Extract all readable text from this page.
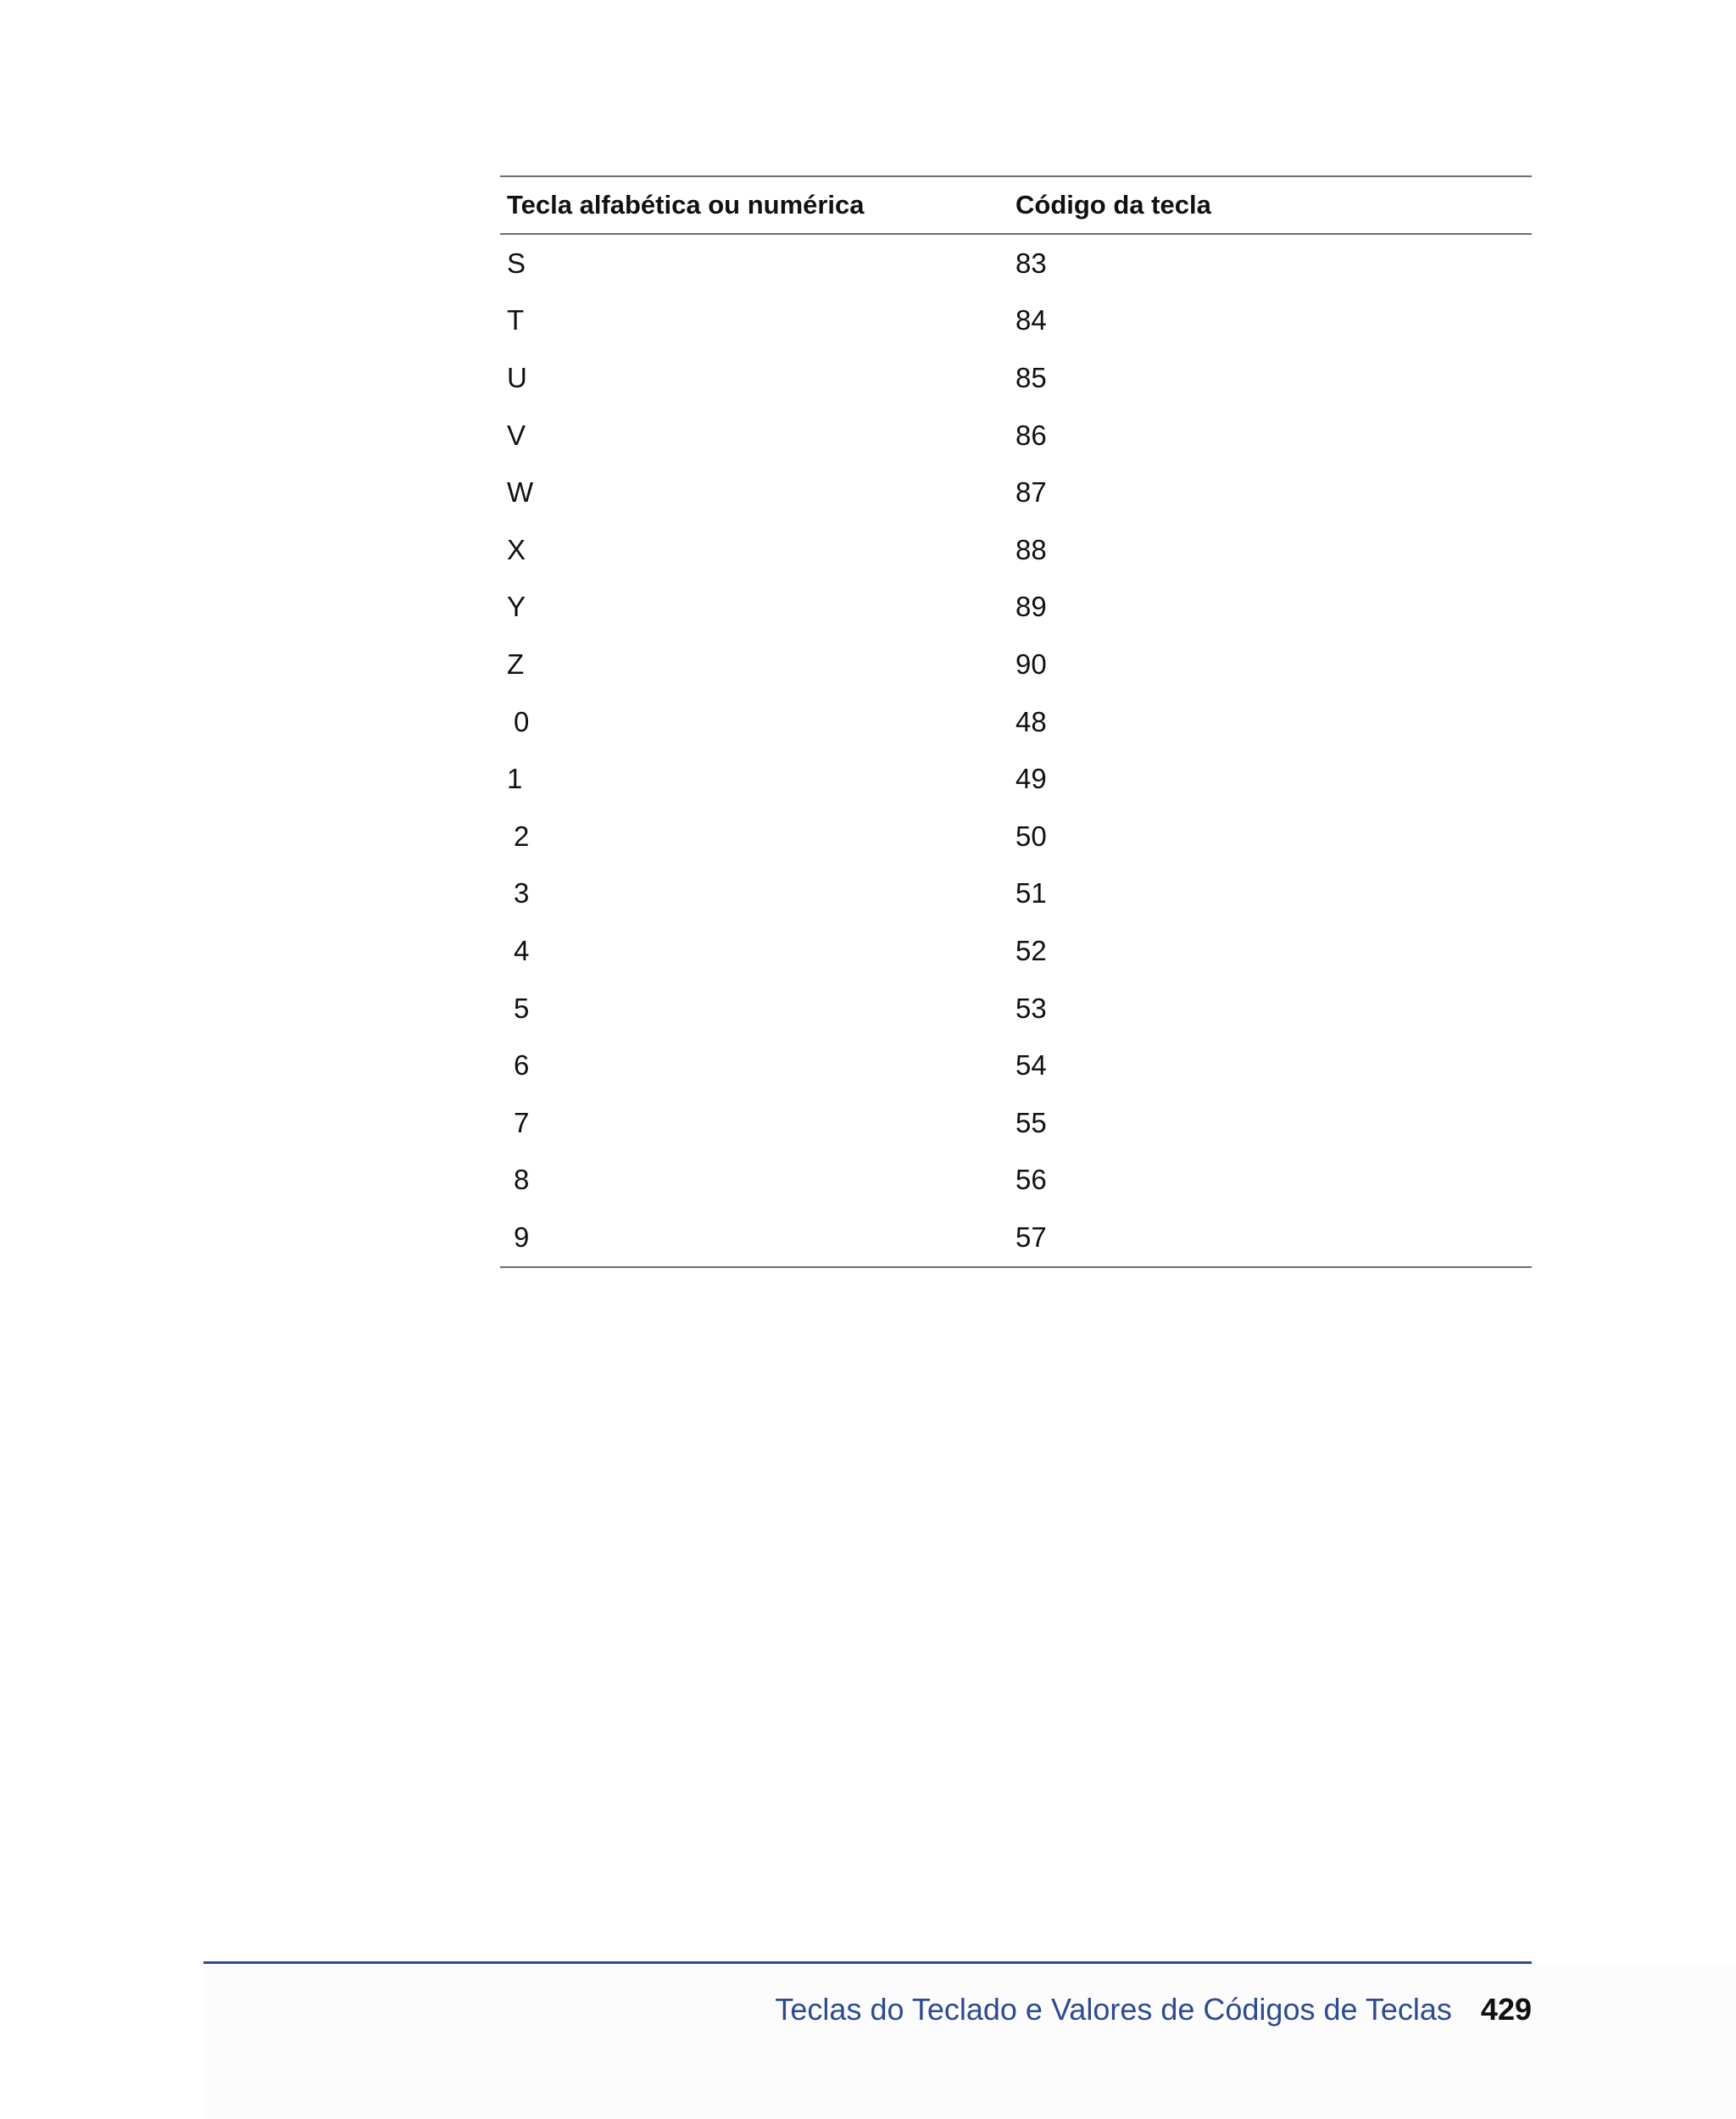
Tecla alfabética ou numérica	Código da tecla
S	83
T	84
U	85
V	86
W	87
X	88
Y	89
Z	90
0	48
1	49
2	50
3	51
4	52
5	53
6	54
7	55
8	56
9	57
Teclas do Teclado e Valores de Códigos de Teclas 429
